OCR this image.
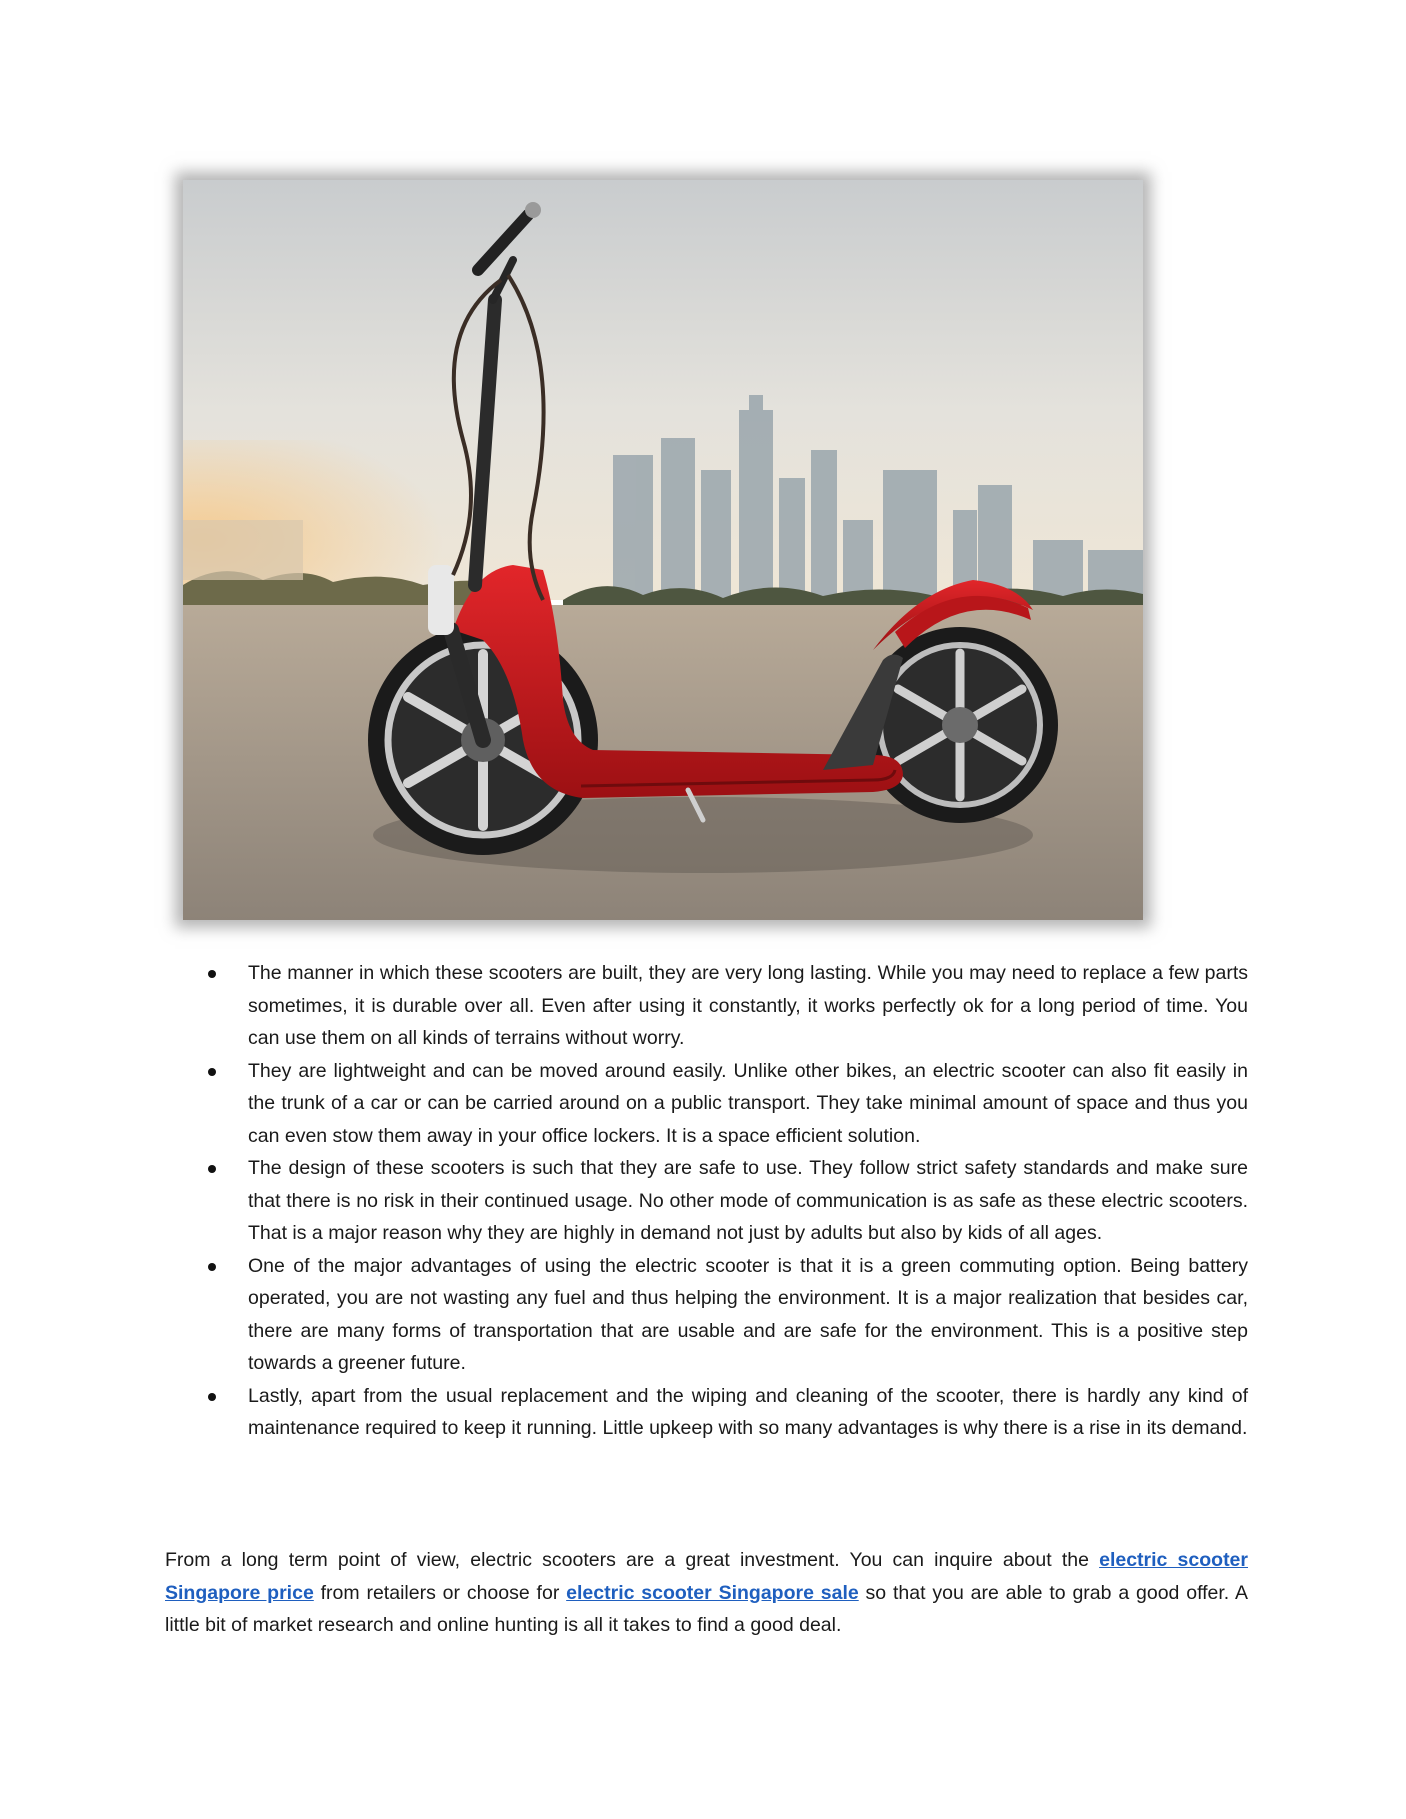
The manner in which these scooters are built, they are very long lasting. While you may need to replace a few parts sometimes, it is durable over all. Even after using it constantly, it works perfectly ok for a long period of time. You can use them on all kinds of terrains without worry.
They are lightweight and can be moved around easily. Unlike other bikes, an electric scooter can also fit easily in the trunk of a car or can be carried around on a public transport. They take minimal amount of space and thus you can even stow them away in your office lockers. It is a space efficient solution.
The design of these scooters is such that they are safe to use. They follow strict safety standards and make sure that there is no risk in their continued usage. No other mode of communication is as safe as these electric scooters. That is a major reason why they are highly in demand not just by adults but also by kids of all ages.
One of the major advantages of using the electric scooter is that it is a green commuting option. Being battery operated, you are not wasting any fuel and thus helping the environment. It is a major realization that besides car, there are many forms of transportation that are usable and are safe for the environment. This is a positive step towards a greener future.
Lastly, apart from the usual replacement and the wiping and cleaning of the scooter, there is hardly any kind of maintenance required to keep it running. Little upkeep with so many advantages is why there is a rise in its demand.

From a long term point of view, electric scooters are a great investment. You can inquire about the electric scooter Singapore price from retailers or choose for electric scooter Singapore sale so that you are able to grab a good offer. A little bit of market research and online hunting is all it takes to find a good deal.
